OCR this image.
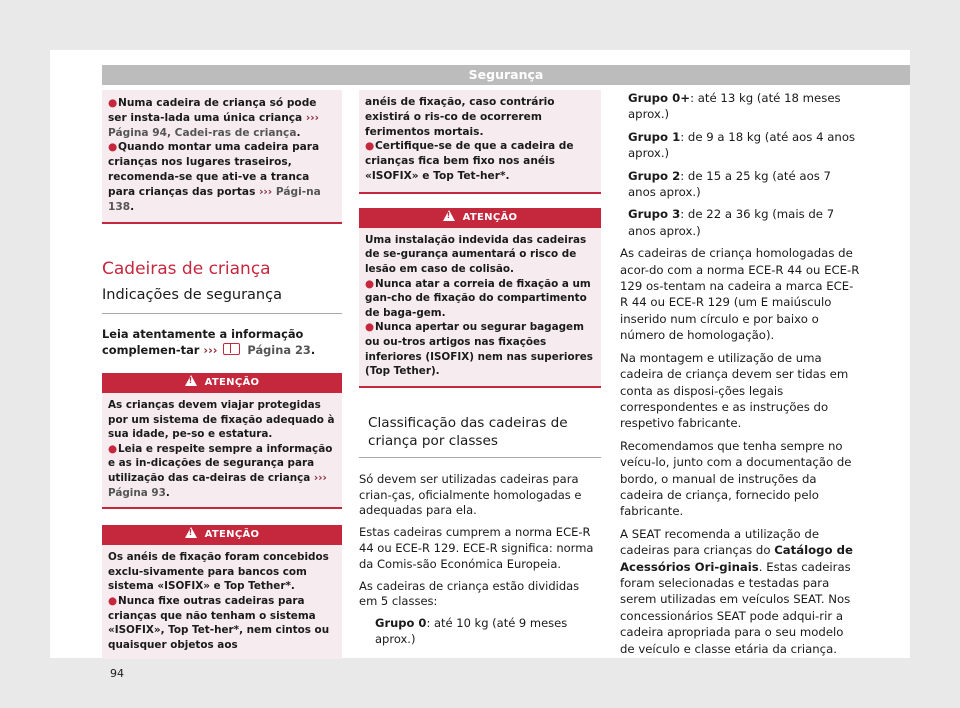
Segurança

●Numa cadeira de criança só pode ser insta-lada uma única criança ››› Página 94, Cadei-ras de criança.

●Quando montar uma cadeira para crianças nos lugares traseiros, recomenda-se que ati-ve a tranca para crianças das portas ››› Pági-na 138.

Cadeiras de criança
Indicações de segurança
Leia atentamente a informação complemen-tar ›››	Página 23.
!ATENÇÃO

As crianças devem viajar protegidas por um sistema de fixação adequado à sua idade, pe-so e estatura.

●Leia e respeite sempre a informação e as in-dicações de segurança para utilização das ca-deiras de criança ››› Página 93.

!ATENÇÃO

Os anéis de fixação foram concebidos exclu-sivamente para bancos com sistema «ISOFIX» e Top Tether*.

●Nunca fixe outras cadeiras para crianças que não tenham o sistema «ISOFIX», Top Tet-her*, nem cintos ou quaisquer objetos aos

anéis de fixação, caso contrário existirá o ris-co de ocorrerem ferimentos mortais.

●Certifique-se de que a cadeira de crianças fica bem fixo nos anéis «ISOFIX» e Top Tet-her*.

!ATENÇÃO

Uma instalação indevida das cadeiras de se-gurança aumentará o risco de lesão em caso de colisão.

●Nunca atar a correia de fixação a um gan-cho de fixação do compartimento de baga-gem.

●Nunca apertar ou segurar bagagem ou ou-tros artigos nas fixações inferiores (ISOFIX) nem nas superiores (Top Tether).

Classificação das cadeiras de criança por classes

Só devem ser utilizadas cadeiras para crian-ças, oficialmente homologadas e adequadas para ela.

Estas cadeiras cumprem a norma ECE-R 44 ou ECE-R 129. ECE-R significa: norma da Comis-são Económica Europeia.

As cadeiras de criança estão divididas em 5 classes:

Grupo 0: até 10 kg (até 9 meses aprox.)

Grupo 0+: até 13 kg (até 18 meses aprox.)

Grupo 1: de 9 a 18 kg (até aos 4 anos aprox.)

Grupo 2: de 15 a 25 kg (até aos 7 anos aprox.)

Grupo 3: de 22 a 36 kg (mais de 7 anos aprox.)

As cadeiras de criança homologadas de acor-do com a norma ECE-R 44 ou ECE-R 129 os-tentam na cadeira a marca ECE-R 44 ou ECE-R 129 (um E maiúsculo inserido num círculo e por baixo o número de homologação).

Na montagem e utilização de uma cadeira de criança devem ser tidas em conta as disposi-ções legais correspondentes e as instruções do respetivo fabricante.

Recomendamos que tenha sempre no veícu-lo, junto com a documentação de bordo, o manual de instruções da cadeira de criança, fornecido pelo fabricante.

A SEAT recomenda a utilização de cadeiras para crianças do Catálogo de Acessórios Ori-ginais. Estas cadeiras foram selecionadas e testadas para serem utilizadas em veículos SEAT. Nos concessionários SEAT pode adqui-rir a cadeira apropriada para o seu modelo de veículo e classe etária da criança.

94
